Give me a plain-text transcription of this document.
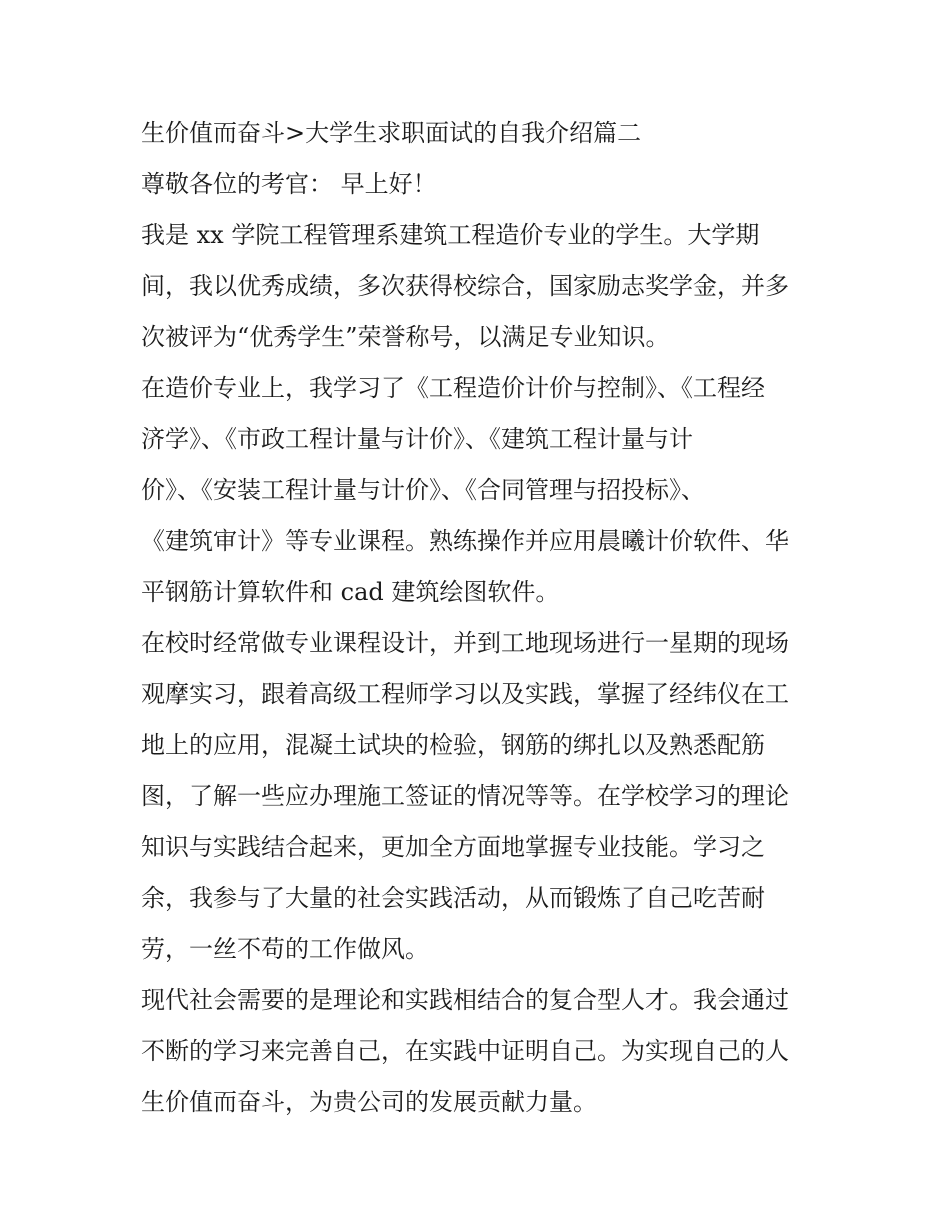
生价值而奋斗>大学生求职面试的自我介绍篇二
尊敬各位的考官： 早上好！
我是 xx 学院工程管理系建筑工程造价专业的学生。大学期
间，我以优秀成绩，多次获得校综合，国家励志奖学金，并多
次被评为“优秀学生”荣誉称号，以满足专业知识。
在造价专业上，我学习了《工程造价计价与控制》、《工程经
济学》、《市政工程计量与计价》、《建筑工程计量与计
价》、《安装工程计量与计价》、《合同管理与招投标》、
《建筑审计》等专业课程。熟练操作并应用晨曦计价软件、华
平钢筋计算软件和 cad 建筑绘图软件。
在校时经常做专业课程设计，并到工地现场进行一星期的现场
观摩实习，跟着高级工程师学习以及实践，掌握了经纬仪在工
地上的应用，混凝土试块的检验，钢筋的绑扎以及熟悉配筋
图，了解一些应办理施工签证的情况等等。在学校学习的理论
知识与实践结合起来，更加全方面地掌握专业技能。学习之
余，我参与了大量的社会实践活动，从而锻炼了自己吃苦耐
劳，一丝不苟的工作做风。
现代社会需要的是理论和实践相结合的复合型人才。我会通过
不断的学习来完善自己，在实践中证明自己。为实现自己的人
生价值而奋斗，为贵公司的发展贡献力量。
